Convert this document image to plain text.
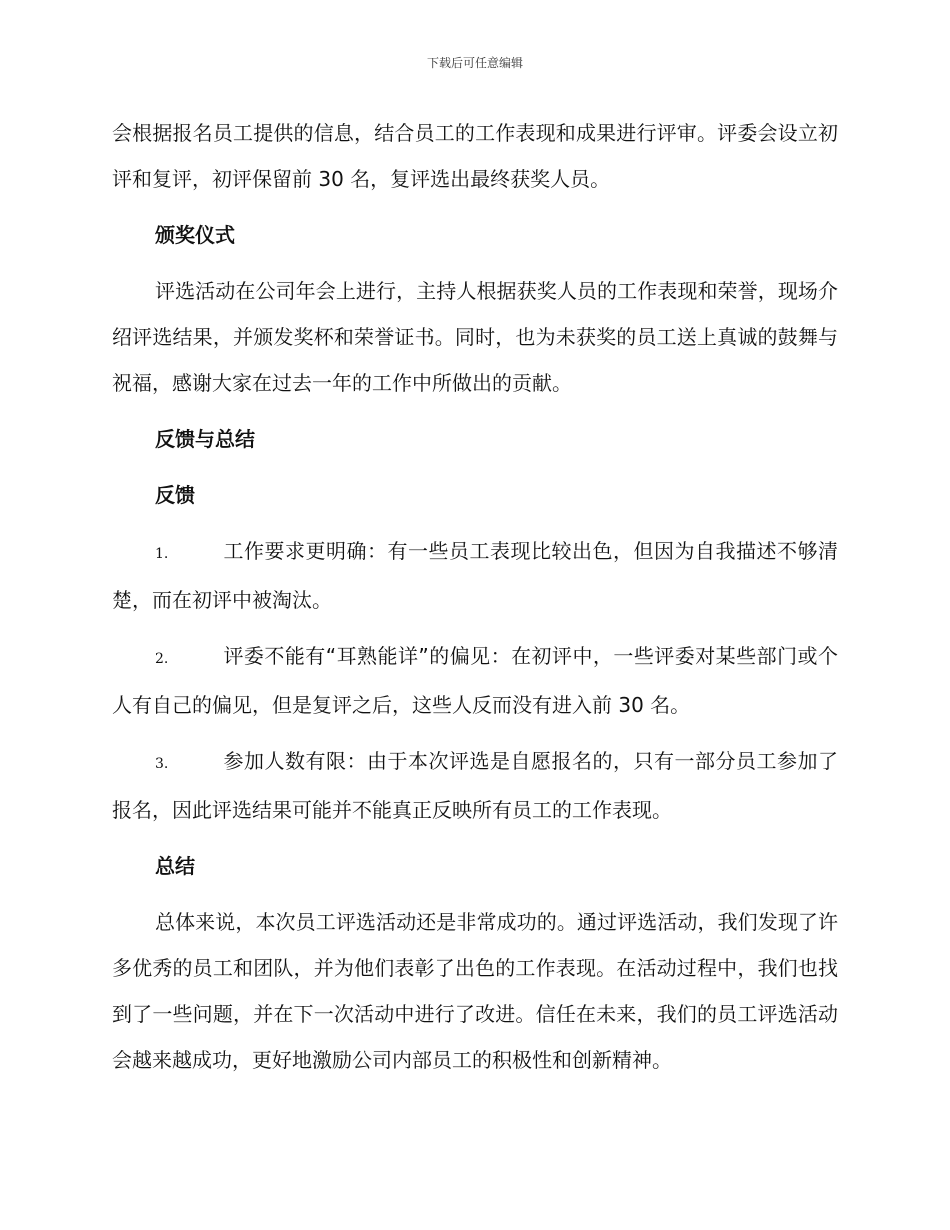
下载后可任意编辑

会根据报名员工提供的信息，结合员工的工作表现和成果进行评审。评委会设立初评和复评，初评保留前 30 名，复评选出最终获奖人员。

颁奖仪式

评选活动在公司年会上进行，主持人根据获奖人员的工作表现和荣誉，现场介绍评选结果，并颁发奖杯和荣誉证书。同时，也为未获奖的员工送上真诚的鼓舞与祝福，感谢大家在过去一年的工作中所做出的贡献。

反馈与总结
反馈

1.	工作要求更明确：有一些员工表现比较出色，但因为自我描述不够清楚，而在初评中被淘汰。

2.	评委不能有“耳熟能详”的偏见：在初评中，一些评委对某些部门或个人有自己的偏见，但是复评之后，这些人反而没有进入前 30 名。

3.	参加人数有限：由于本次评选是自愿报名的，只有一部分员工参加了报名，因此评选结果可能并不能真正反映所有员工的工作表现。

总结

总体来说，本次员工评选活动还是非常成功的。通过评选活动，我们发现了许多优秀的员工和团队，并为他们表彰了出色的工作表现。在活动过程中，我们也找到了一些问题，并在下一次活动中进行了改进。信任在未来，我们的员工评选活动会越来越成功，更好地激励公司内部员工的积极性和创新精神。
